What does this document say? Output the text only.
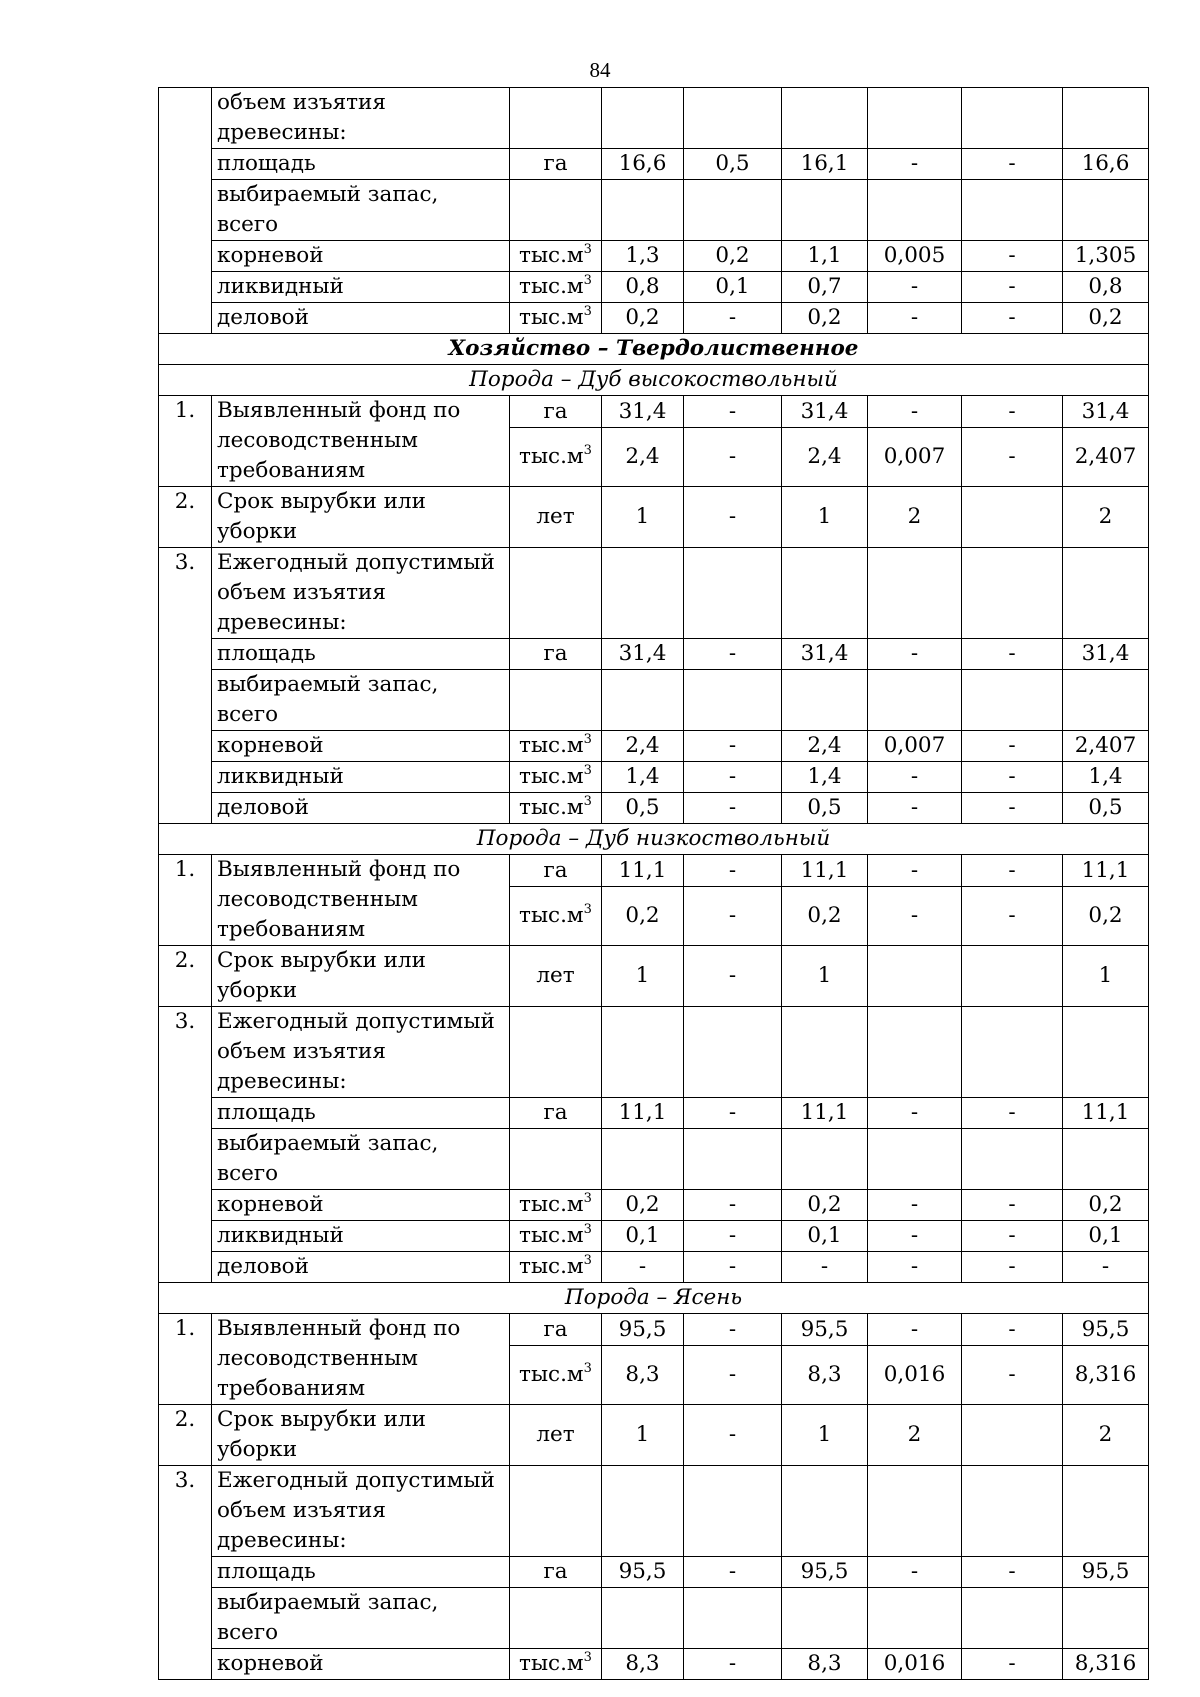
84
	объем изъятия древесины:							
	площадь	га	16,6	0,5	16,1	-	-	16,6
	выбираемый запас, всего							
	корневой	$тыс.м^3$	1,3	0,2	1,1	0,005	-	1,305
	ликвидный	$тыс.м^3$	0,8	0,1	0,7	-	-	0,8
	деловой	$тыс.м^3$	0,2	-	0,2	-	-	0,2
Хозяйство – Твердолиственное								
Порода – Дуб высокоствольный								
1.	Выявленный фонд по лесоводственным требованиям	га	31,4	-	31,4	-	-	31,4
		$тыс.м^3$	2,4	-	2,4	0,007	-	2,407
2.	Срок вырубки или уборки	лет	1	-	1	2		2
3.	Ежегодный допустимый объем изъятия древесины:							
	площадь	га	31,4	-	31,4	-	-	31,4
	выбираемый запас, всего							
	корневой	$тыс.м^3$	2,4	-	2,4	0,007	-	2,407
	ликвидный	$тыс.м^3$	1,4	-	1,4	-	-	1,4
	деловой	$тыс.м^3$	0,5	-	0,5	-	-	0,5
Порода – Дуб низкоствольный								
1.	Выявленный фонд по лесоводственным требованиям	га	11,1	-	11,1	-	-	11,1
		$тыс.м^3$	0,2	-	0,2	-	-	0,2
2.	Срок вырубки или уборки	лет	1	-	1			1
3.	Ежегодный допустимый объем изъятия древесины:							
	площадь	га	11,1	-	11,1	-	-	11,1
	выбираемый запас, всего							
	корневой	$тыс.м^3$	0,2	-	0,2	-	-	0,2
	ликвидный	$тыс.м^3$	0,1	-	0,1	-	-	0,1
	деловой	$тыс.м^3$	-	-	-	-	-	-
Порода – Ясень								
1.	Выявленный фонд по лесоводственным требованиям	га	95,5	-	95,5	-	-	95,5
		$тыс.м^3$	8,3	-	8,3	0,016	-	8,316
2.	Срок вырубки или уборки	лет	1	-	1	2		2
3.	Ежегодный допустимый объем изъятия древесины:							
	площадь	га	95,5	-	95,5	-	-	95,5
	выбираемый запас, всего							
	корневой	$тыс.м^3$	8,3	-	8,3	0,016	-	8,316
